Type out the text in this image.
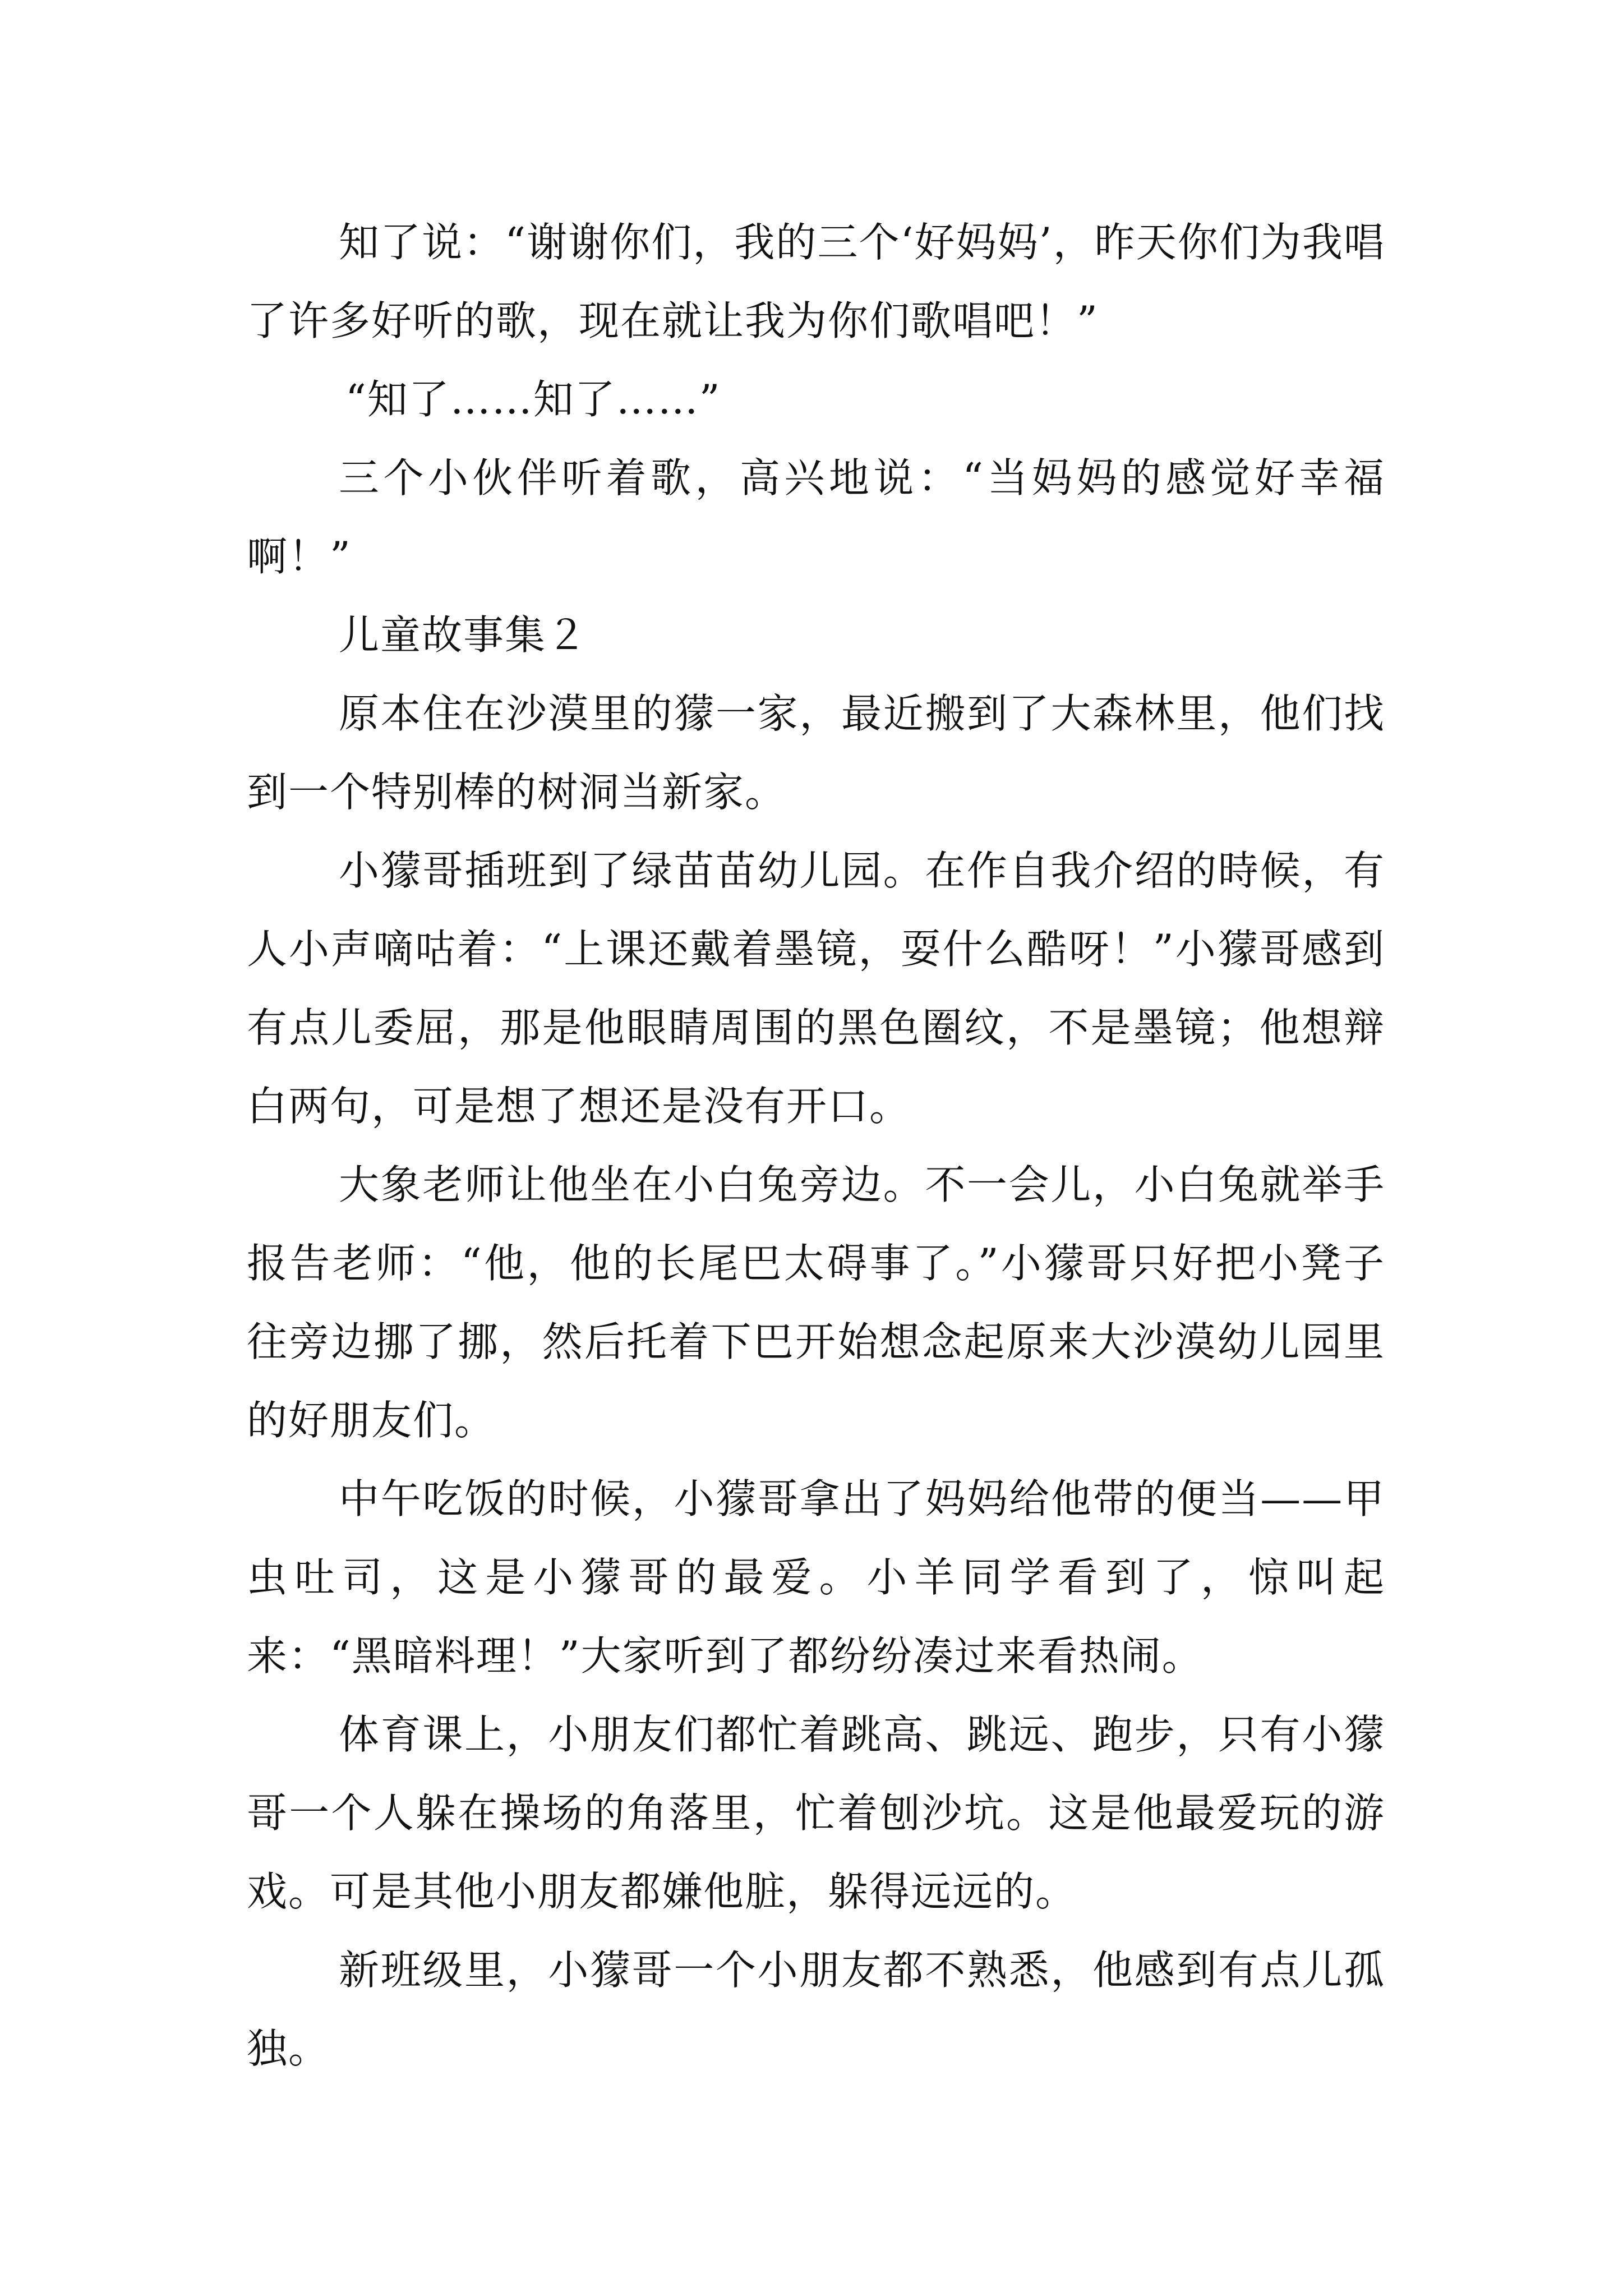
知了说：“谢谢你们，我的三个‘好妈妈’，昨天你们为我唱了许多好听的歌，现在就让我为你们歌唱吧！”

“知了……知了……”

三个小伙伴听着歌，高兴地说：“当妈妈的感觉好幸福啊！”

儿童故事集２

原本住在沙漠里的獴一家，最近搬到了大森林里，他们找到一个特别棒的树洞当新家。

小獴哥插班到了绿苗苗幼儿园。在作自我介绍的時候，有人小声嘀咕着：“上课还戴着墨镜，耍什么酷呀！”小獴哥感到有点儿委屈，那是他眼睛周围的黑色圈纹，不是墨镜；他想辩白两句，可是想了想还是没有开口。

大象老师让他坐在小白兔旁边。不一会儿，小白兔就举手报告老师：“他，他的长尾巴太碍事了。”小獴哥只好把小凳子往旁边挪了挪，然后托着下巴开始想念起原来大沙漠幼儿园里的好朋友们。

中午吃饭的时候，小獴哥拿出了妈妈给他带的便当——甲虫吐司，这是小獴哥的最爱。小羊同学看到了，惊叫起来：“黑暗料理！”大家听到了都纷纷凑过来看热闹。

体育课上，小朋友们都忙着跳高、跳远、跑步，只有小獴哥一个人躲在操场的角落里，忙着刨沙坑。这是他最爱玩的游戏。可是其他小朋友都嫌他脏，躲得远远的。

新班级里，小獴哥一个小朋友都不熟悉，他感到有点儿孤独。
